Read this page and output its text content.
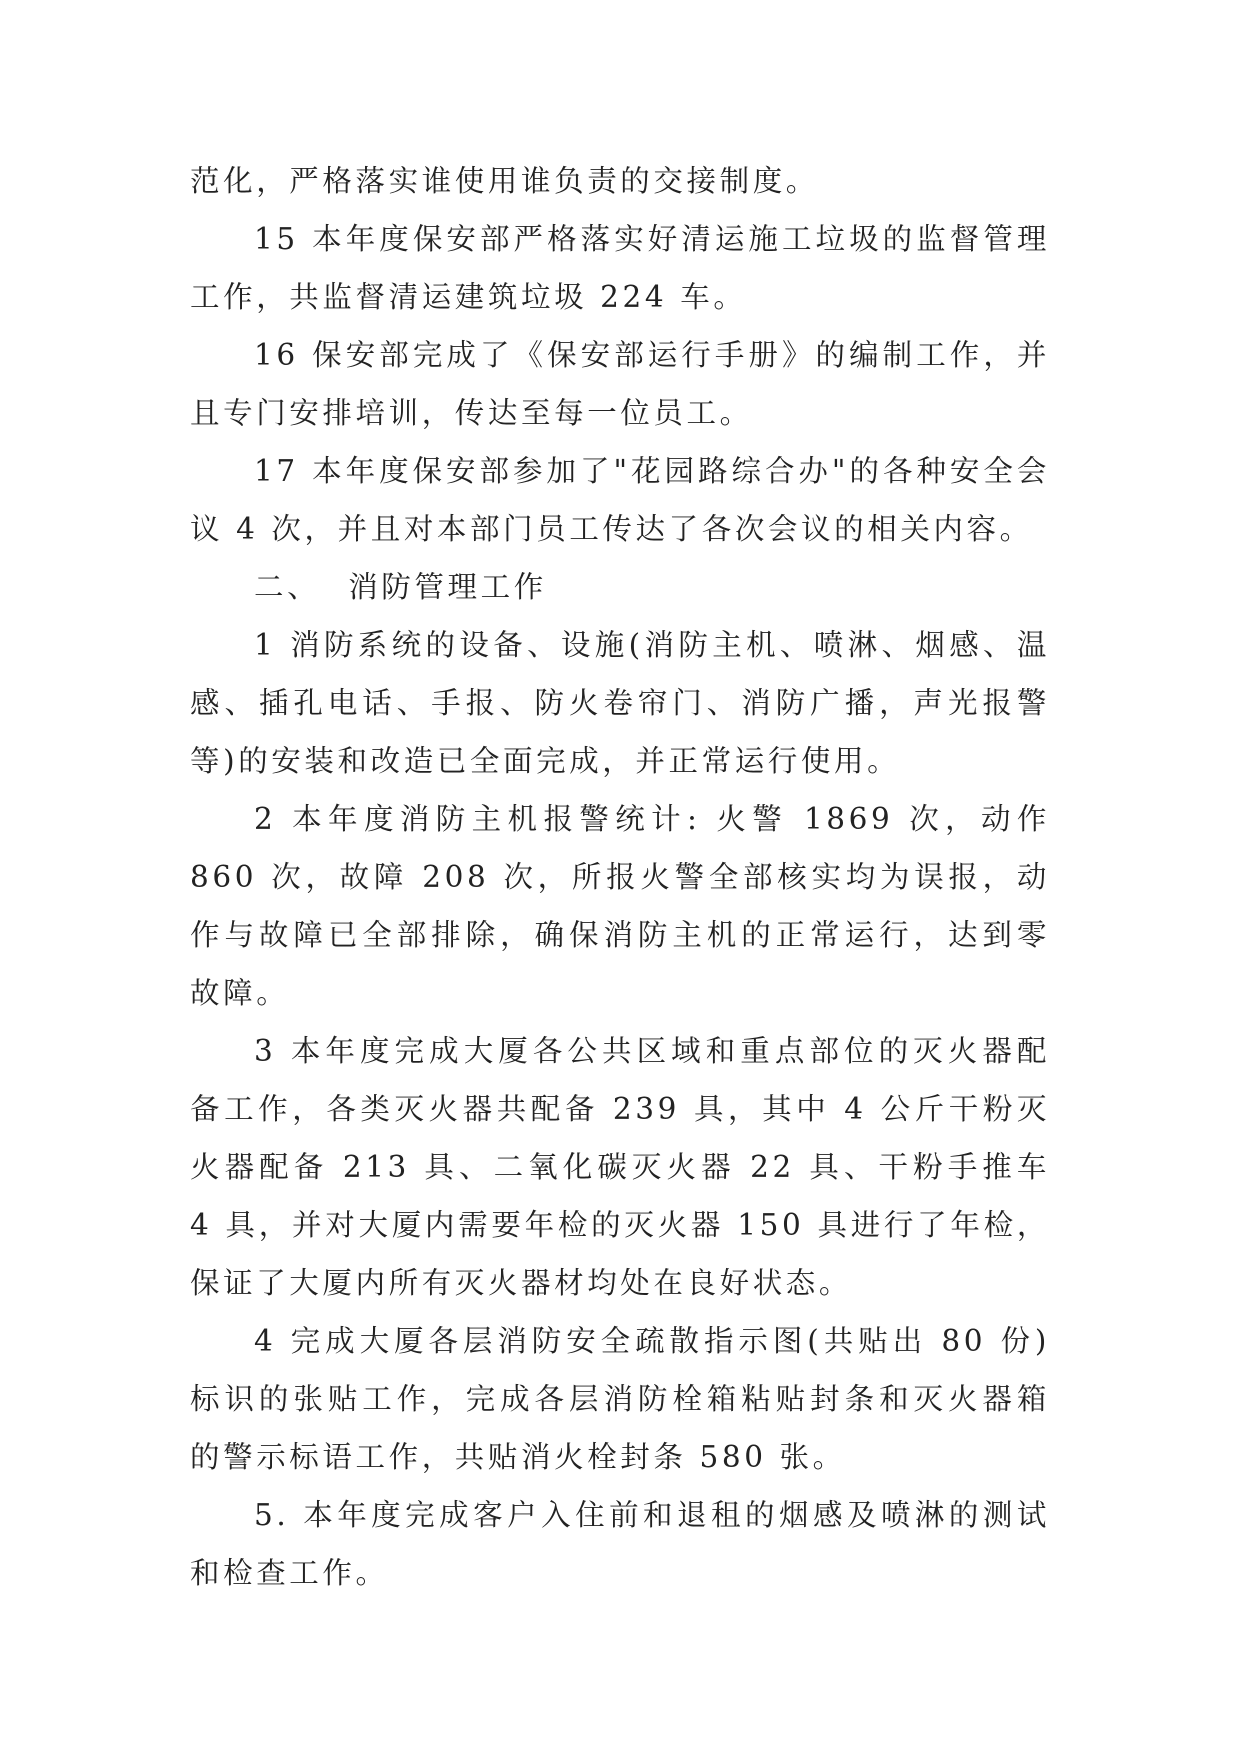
范化，严格落实谁使用谁负责的交接制度。

15 本年度保安部严格落实好清运施工垃圾的监督管理工作，共监督清运建筑垃圾 224 车。

16 保安部完成了《保安部运行手册》的编制工作，并且专门安排培训，传达至每一位员工。

17 本年度保安部参加了"花园路综合办"的各种安全会议 4 次，并且对本部门员工传达了各次会议的相关内容。

二、 消防管理工作

1 消防系统的设备、设施(消防主机、喷淋、烟感、温感、插孔电话、手报、防火卷帘门、消防广播，声光报警等)的安装和改造已全面完成，并正常运行使用。

2 本年度消防主机报警统计: 火警 1869 次，动作 860 次，故障 208 次，所报火警全部核实均为误报，动作与故障已全部排除，确保消防主机的正常运行，达到零故障。

3 本年度完成大厦各公共区域和重点部位的灭火器配备工作，各类灭火器共配备 239 具，其中 4 公斤干粉灭火器配备 213 具、二氧化碳灭火器 22 具、干粉手推车 4 具，并对大厦内需要年检的灭火器 150 具进行了年检，保证了大厦内所有灭火器材均处在良好状态。

4 完成大厦各层消防安全疏散指示图(共贴出 80 份)标识的张贴工作，完成各层消防栓箱粘贴封条和灭火器箱的警示标语工作，共贴消火栓封条 580 张。

5. 本年度完成客户入住前和退租的烟感及喷淋的测试和检查工作。
